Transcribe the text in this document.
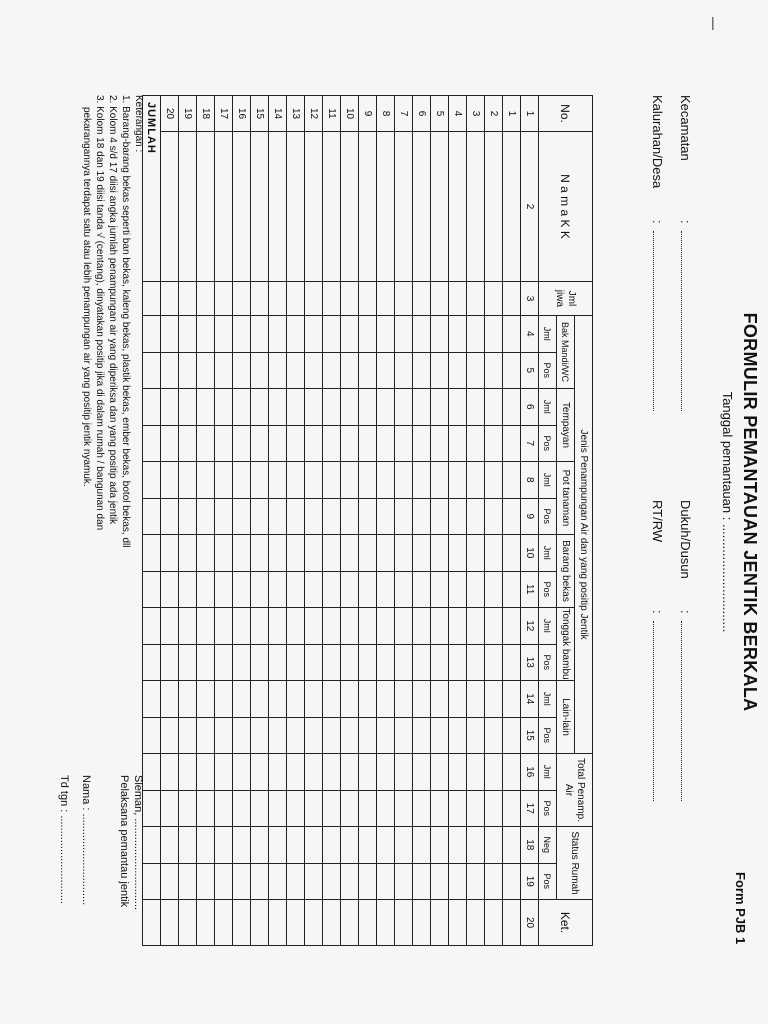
FORMULIR PEMANTAUAN JENTIK BERKALA
Tanggal pemantauan : ..............................
Form PJB 1
Kecamatan
:
Kalurahan/Desa
:
Dukuh/Dusun
:
RT/RW
:
No.	N a m a K K	Jml jiwa	Jenis Penampungan Air dan yang positip Jentik												Total Penamp. Air		Status Rumah		Ket.
			Bak Mandi/WC		Tempayan		Pot tanaman		Barang bekas		Tonggak bambu		Lain-lain						
			Jml	Pos	Jml	Pos	Jml	Pos	Jml	Pos	Jml	Pos	Jml	Pos	Jml	Pos	Neg	Pos	
1	2	3	4	5	6	7	8	9	10	11	12	13	14	15	16	17	18	19	20
1																			
2																			
3																			
4																			
5																			
6																			
7																			
8																			
9																			
10																			
11																			
12																			
13																			
14																			
15																			
16																			
17																			
18																			
19																			
20																			
JUMLAH																			
Keterangan :
1. Barang-barang bekas seperti ban bekas, kaleng bekas, plastik bekas, ember bekas, botol bekas, dll
2. Kolom 4 s/d 17 diisi angka jumlah penampungan air yang diperiksa dan yang positip ada jentik
3. Kolom 18 dan 19 diisi tanda √ (centang), dinyatakan positip jika di dalam rumah / bangunan dan
pekarangannya terdapat satu atau lebih penampungan air yang positip jentik nyamuk.
Sleman, ..............................
Pelaksana pemantau jentik
Nama : ..............................
Td tgn : .............................
|
